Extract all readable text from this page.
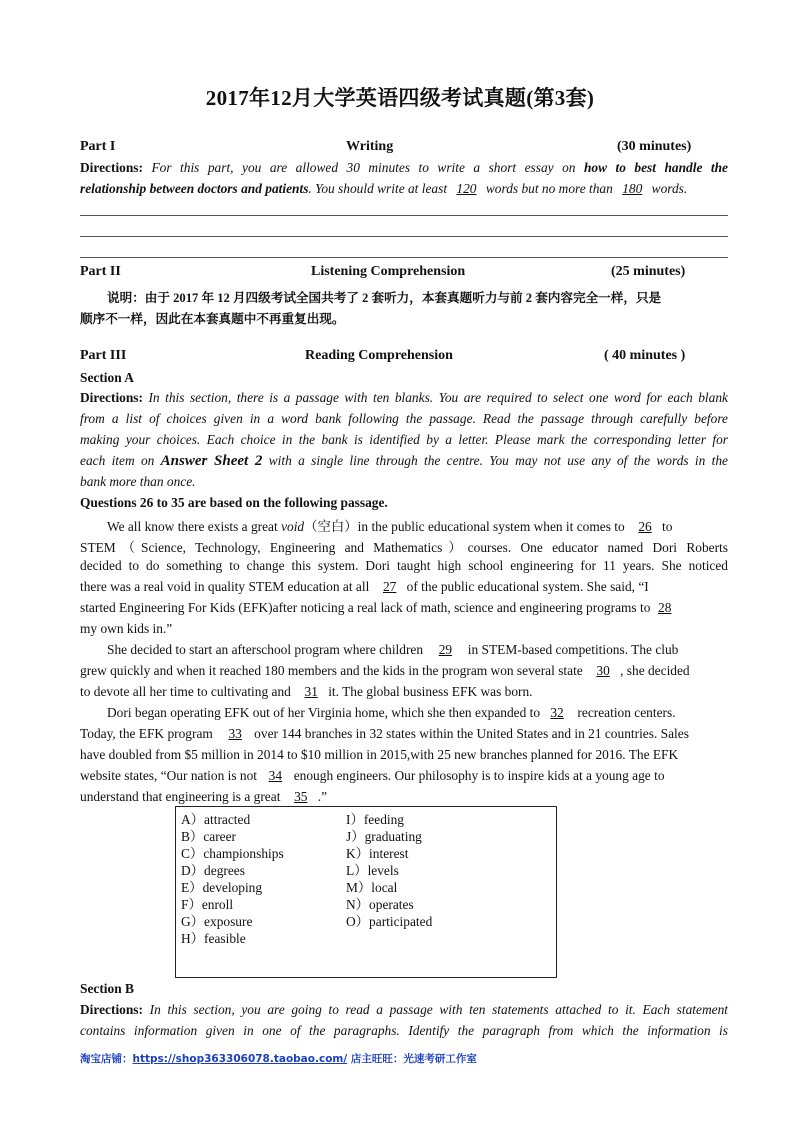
2017年12月大学英语四级考试真题(第3套)
Part I	Writing	(30 minutes)
Directions: For this part, you are allowed 30 minutes to write a short essay on how to best handle the
relationship between doctors and patients. You should write at least 120 words but no more than 180 words.
Part II	Listening Comprehension	(25 minutes)
说明：由于 2017 年 12 月四级考试全国共考了 2 套听力，本套真题听力与前 2 套内容完全一样，只是
顺序不一样，因此在本套真题中不再重复出现。
Part III	Reading Comprehension	( 40 minutes )
Section A
Directions: In this section, there is a passage with ten blanks. You are required to select one word for each blank
from a list of choices given in a word bank following the passage. Read the passage through carefully before
making your choices. Each choice in the bank is identified by a letter. Please mark the corresponding letter for
each item on Answer Sheet 2 with a single line through the centre. You may not use any of the words in the
bank more than once.
Questions 26 to 35 are based on the following passage.
We all know there exists a great void（空白）in the public educational system when it comes to 26 to
STEM（Science, Technology, Engineering and Mathematics）courses. One educator named Dori Roberts
decided to do something to change this system. Dori taught high school engineering for 11 years. She noticed
there was a real void in quality STEM education at all 27 of the public educational system. She said, “I
started Engineering For Kids (EFK)after noticing a real lack of math, science and engineering programs to 28
my own kids in.”
She decided to start an afterschool program where children 29 in STEM-based competitions. The club
grew quickly and when it reached 180 members and the kids in the program won several state 30 , she decided
to devote all her time to cultivating and 31 it. The global business EFK was born.
Dori began operating EFK out of her Virginia home, which she then expanded to 32 recreation centers.
Today, the EFK program 33 over 144 branches in 32 states within the United States and in 21 countries. Sales
have doubled from $5 million in 2014 to $10 million in 2015,with 25 new branches planned for 2016. The EFK
website states, “Our nation is not 34 enough engineers. Our philosophy is to inspire kids at a young age to
understand that engineering is a great 35 .”
A）attracted
B）career
C）championships
D）degrees
E）developing
F）enroll
G）exposure
H）feasible
I）feeding
J）graduating
K）interest
L）levels
M）local
N）operates
O）participated
Section B
Directions: In this section, you are going to read a passage with ten statements attached to it. Each statement
contains information given in one of the paragraphs. Identify the paragraph from which the information is
淘宝店铺：https://shop363306078.taobao.com/ 店主旺旺：光速考研工作室
